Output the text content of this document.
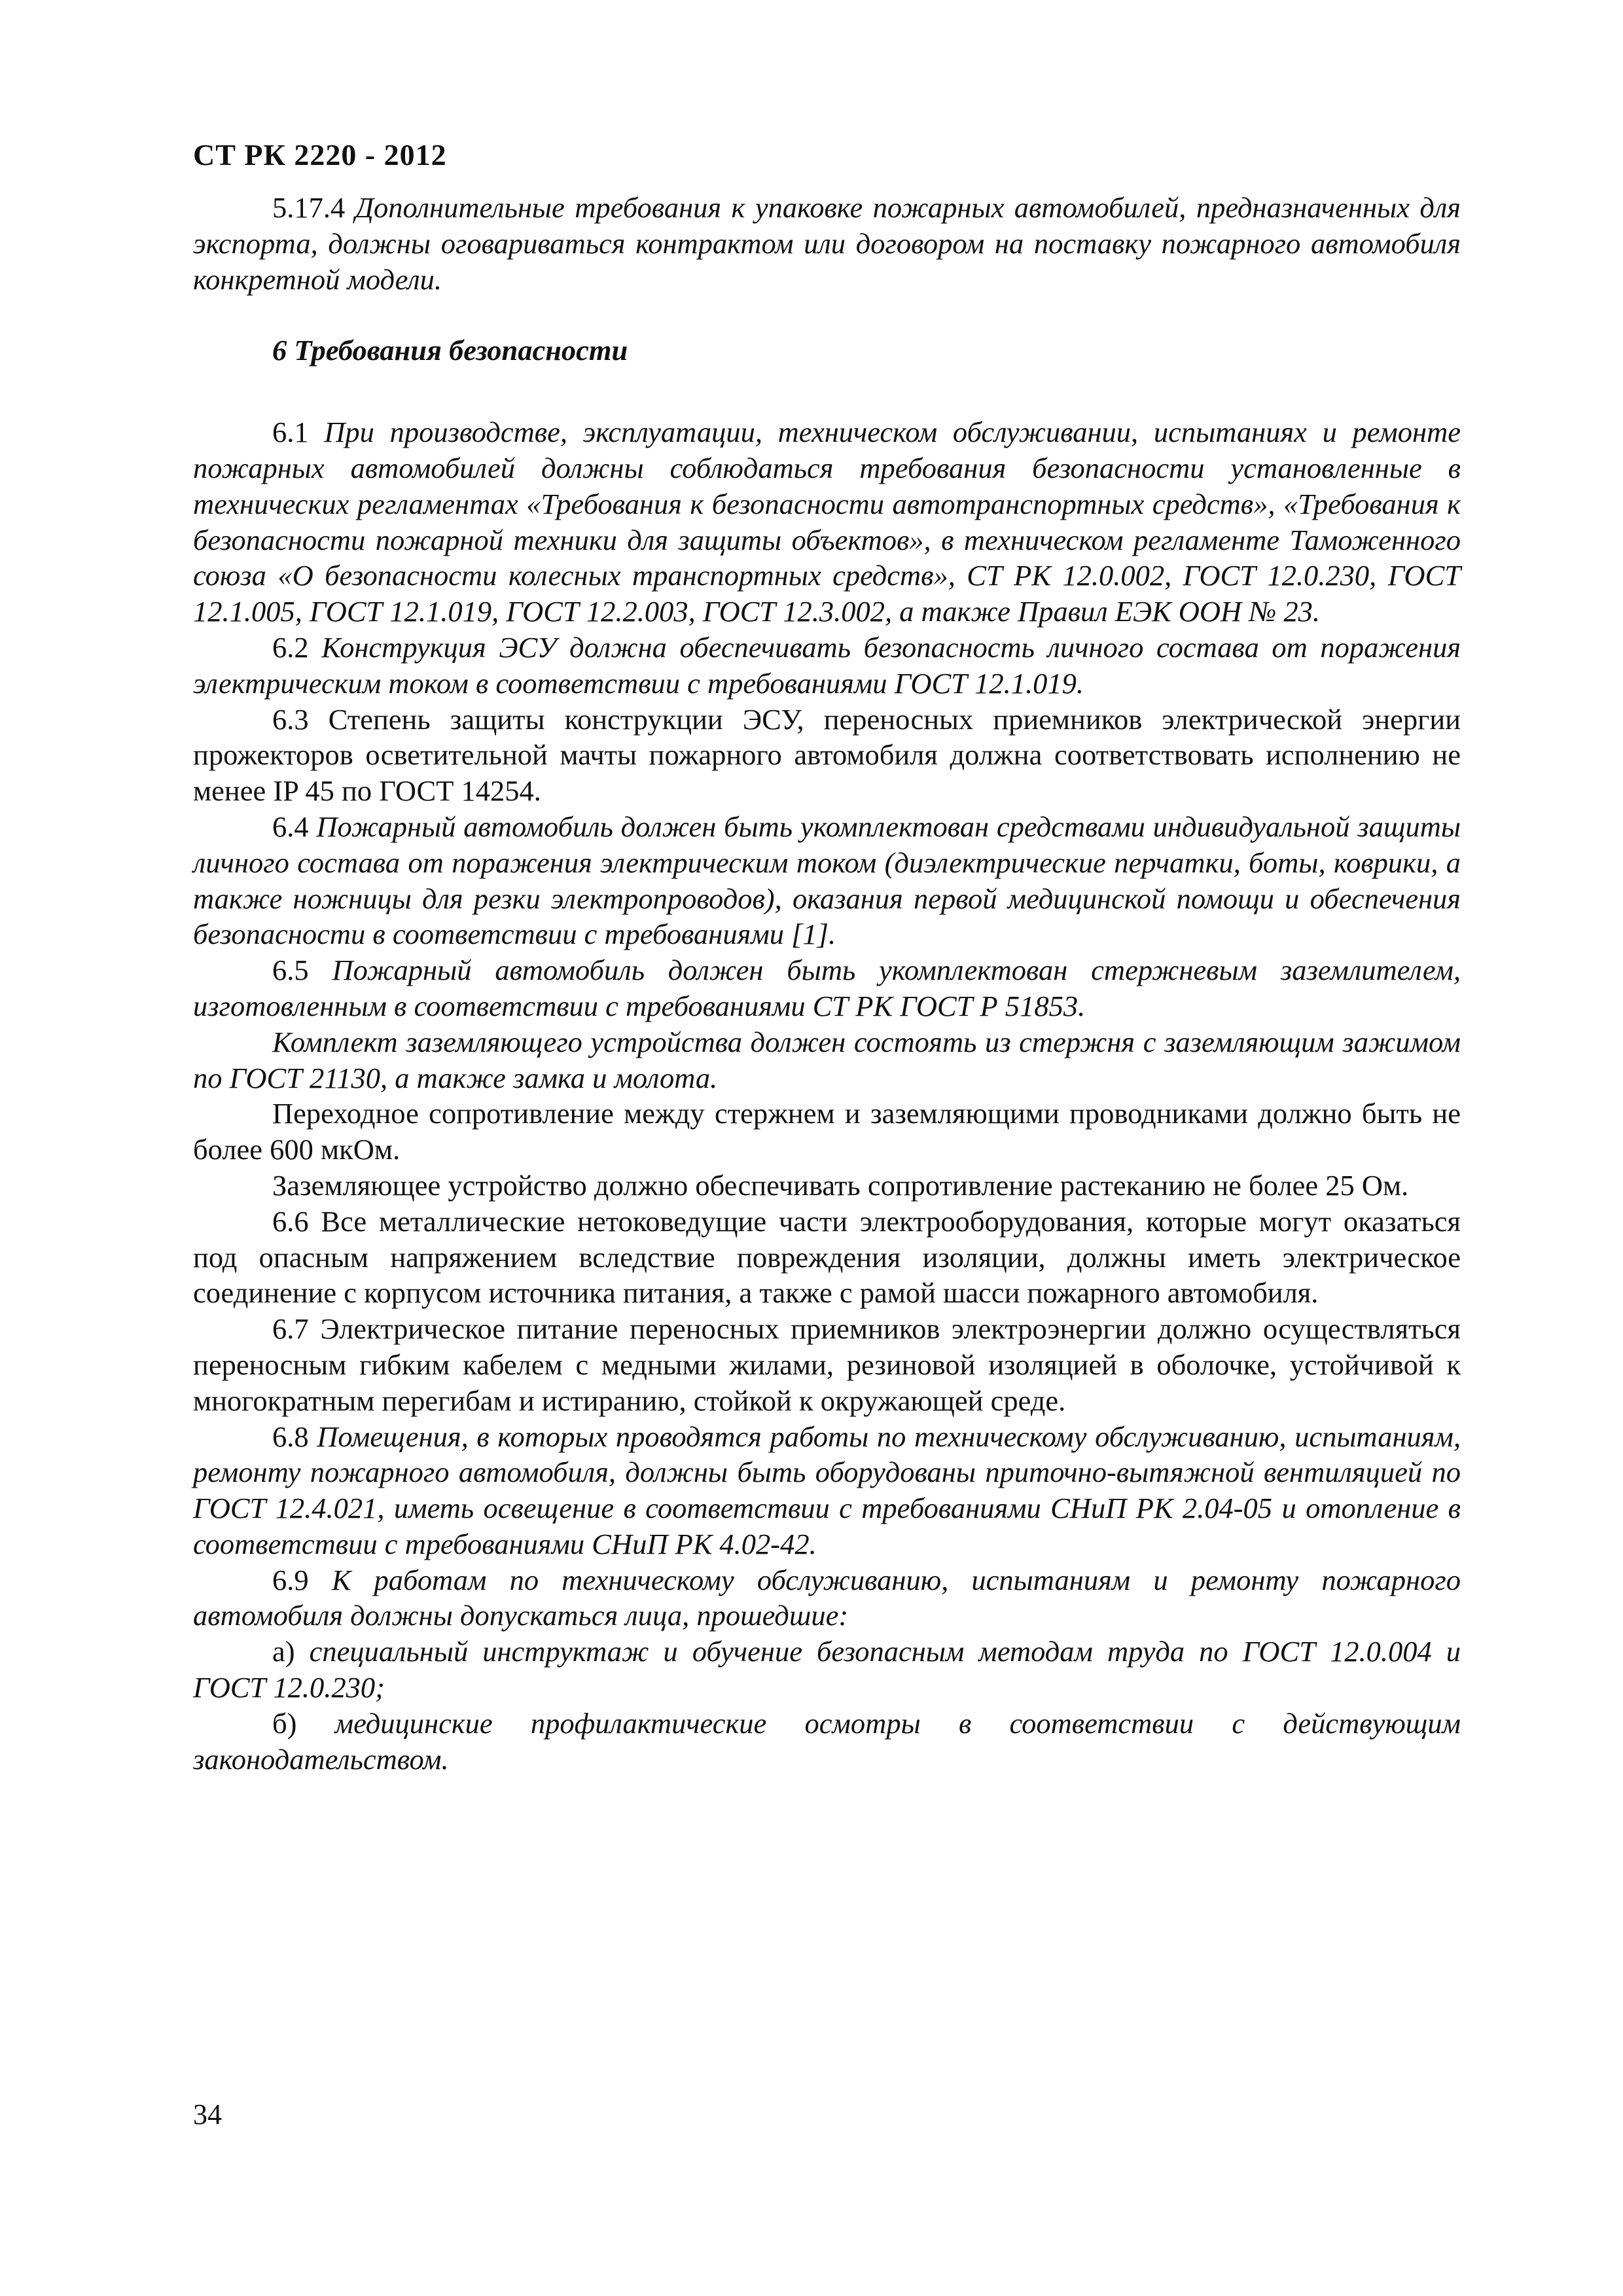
СТ РК 2220 - 2012

5.17.4 Дополнительные требования к упаковке пожарных автомобилей, предназначенных для экспорта, должны оговариваться контрактом или договором на поставку пожарного автомобиля конкретной модели.

6 Требования безопасности

6.1 При производстве, эксплуатации, техническом обслуживании, испытаниях и ремонте пожарных автомобилей должны соблюдаться требования безопасности установленные в технических регламентах «Требования к безопасности автотранспортных средств», «Требования к безопасности пожарной техники для защиты объектов», в техническом регламенте Таможенного союза «О безопасности колесных транспортных средств», СТ РК 12.0.002, ГОСТ 12.0.230, ГОСТ 12.1.005, ГОСТ 12.1.019, ГОСТ 12.2.003, ГОСТ 12.3.002, а также Правил ЕЭК ООН № 23.

6.2 Конструкция ЭСУ должна обеспечивать безопасность личного состава от поражения электрическим током в соответствии с требованиями ГОСТ 12.1.019.

6.3 Степень защиты конструкции ЭСУ, переносных приемников электрической энергии прожекторов осветительной мачты пожарного автомобиля должна соответствовать исполнению не менее IP 45 по ГОСТ 14254.

6.4 Пожарный автомобиль должен быть укомплектован средствами индивидуальной защиты личного состава от поражения электрическим током (диэлектрические перчатки, боты, коврики, а также ножницы для резки электропроводов), оказания первой медицинской помощи и обеспечения безопасности в соответствии с требованиями [1].

6.5 Пожарный автомобиль должен быть укомплектован стержневым заземлителем, изготовленным в соответствии с требованиями СТ РК ГОСТ Р 51853.

Комплект заземляющего устройства должен состоять из стержня с заземляющим зажимом по ГОСТ 21130, а также замка и молота.

Переходное сопротивление между стержнем и заземляющими проводниками должно быть не более 600 мкОм.

Заземляющее устройство должно обеспечивать сопротивление растеканию не более 25 Ом.

6.6 Все металлические нетоковедущие части электрооборудования, которые могут оказаться под опасным напряжением вследствие повреждения изоляции, должны иметь электрическое соединение с корпусом источника питания, а также с рамой шасси пожарного автомобиля.

6.7 Электрическое питание переносных приемников электроэнергии должно осуществляться переносным гибким кабелем с медными жилами, резиновой изоляцией в оболочке, устойчивой к многократным перегибам и истиранию, стойкой к окружающей среде.

6.8 Помещения, в которых проводятся работы по техническому обслуживанию, испытаниям, ремонту пожарного автомобиля, должны быть оборудованы приточно-вытяжной вентиляцией по ГОСТ 12.4.021, иметь освещение в соответствии с требованиями СНиП РК 2.04-05 и отопление в соответствии с требованиями СНиП РК 4.02-42.

6.9 К работам по техническому обслуживанию, испытаниям и ремонту пожарного автомобиля должны допускаться лица, прошедшие:

а) специальный инструктаж и обучение безопасным методам труда по ГОСТ 12.0.004 и ГОСТ 12.0.230;

б) медицинские профилактические осмотры в соответствии с действующим законодательством.

34
